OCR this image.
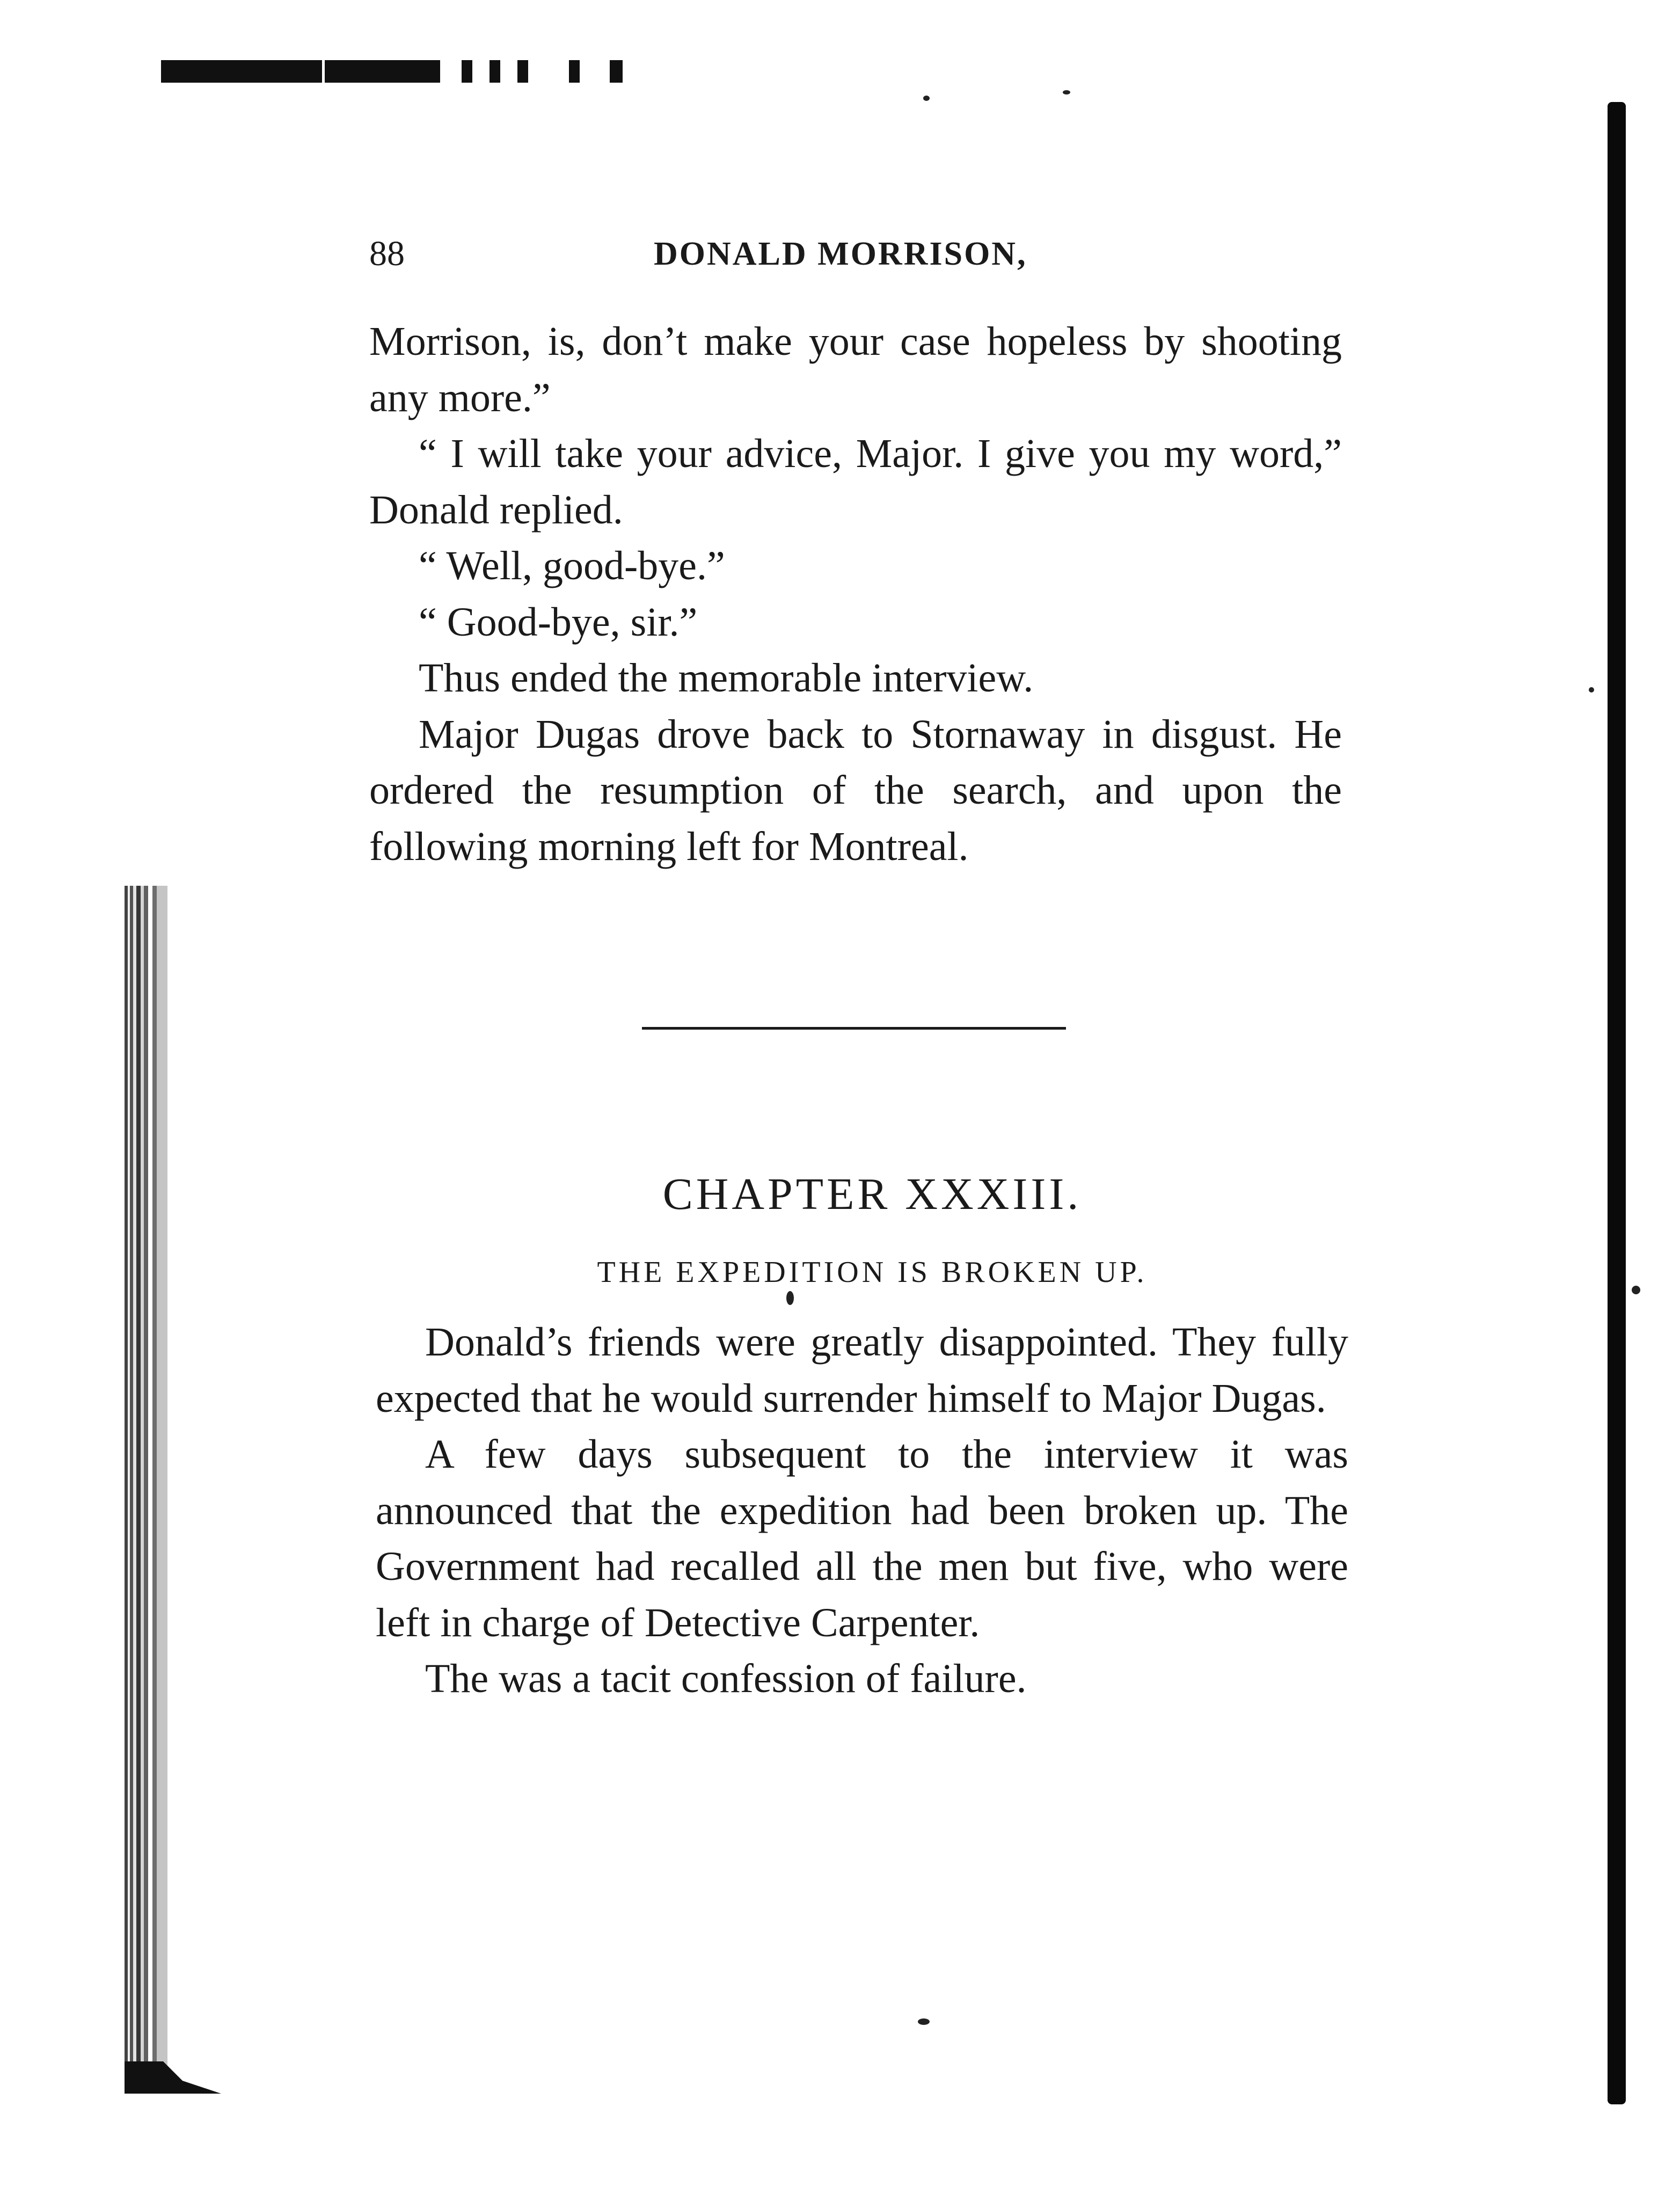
88	DONALD MORRISON,

Morrison, is, don’t make your case hopeless by shooting any more.”

“ I will take your advice, Major. I give you my word,” Donald replied.

“ Well, good-bye.”

“ Good-bye, sir.”

Thus ended the memorable interview.

Major Dugas drove back to Stornaway in disgust. He ordered the resumption of the search, and upon the following morning left for Montreal.

CHAPTER XXXIII.
THE EXPEDITION IS BROKEN UP.

Donald’s friends were greatly disappointed. They fully expected that he would surrender himself to Major Dugas.

A few days subsequent to the interview it was announced that the expedition had been broken up. The Government had recalled all the men but five, who were left in charge of Detective Carpenter.

The was a tacit confession of failure.
